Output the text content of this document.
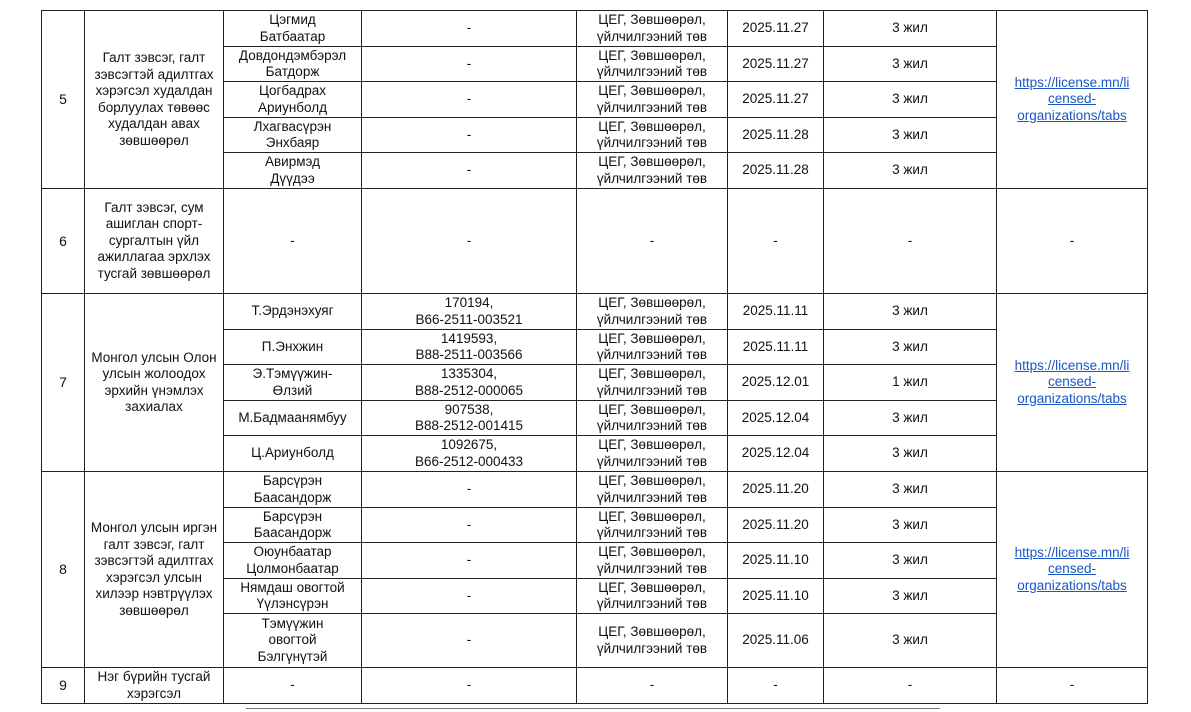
5	Галт зэвсэг, галт зэвсэгтэй адилтгах хэрэгсэл худалдан борлуулах төвөөс худалдан авах зөвшөөрөл	Цэгмид
Батбаатар	-	ЦЕГ, Зөвшөөрөл,
үйлчилгээний төв	2025.11.27	3 жил	https://license.mn/li
censed-
organizations/tabs
		Довдондэмбэрэл
Батдорж	-	ЦЕГ, Зөвшөөрөл,
үйлчилгээний төв	2025.11.27	3 жил	
		Цогбадрах
Ариунболд	-	ЦЕГ, Зөвшөөрөл,
үйлчилгээний төв	2025.11.27	3 жил	
		Лхагвасүрэн
Энхбаяр	-	ЦЕГ, Зөвшөөрөл,
үйлчилгээний төв	2025.11.28	3 жил	
		Авирмэд
Дүүдээ	-	ЦЕГ, Зөвшөөрөл,
үйлчилгээний төв	2025.11.28	3 жил	
6	Галт зэвсэг, сум ашиглан спорт-сургалтын үйл ажиллагаа эрхлэх тусгай зөвшөөрөл	-	-	-	-	-	-
7	Монгол улсын Олон улсын жолоодох эрхийн үнэмлэх захиалах	Т.Эрдэнэхуяг	170194,
B66-2511-003521	ЦЕГ, Зөвшөөрөл,
үйлчилгээний төв	2025.11.11	3 жил	https://license.mn/li
censed-
organizations/tabs
		П.Энхжин	1419593,
B88-2511-003566	ЦЕГ, Зөвшөөрөл,
үйлчилгээний төв	2025.11.11	3 жил	
		Э.Тэмүүжин-
Өлзий	1335304,
B88-2512-000065	ЦЕГ, Зөвшөөрөл,
үйлчилгээний төв	2025.12.01	1 жил	
		М.Бадмаанямбуу	907538,
B88-2512-001415	ЦЕГ, Зөвшөөрөл,
үйлчилгээний төв	2025.12.04	3 жил	
		Ц.Ариунболд	1092675,
B66-2512-000433	ЦЕГ, Зөвшөөрөл,
үйлчилгээний төв	2025.12.04	3 жил	
8	Монгол улсын иргэн галт зэвсэг, галт зэвсэгтэй адилтгах хэрэгсэл улсын хилээр нэвтрүүлэх зөвшөөрөл	Барсүрэн
Баасандорж	-	ЦЕГ, Зөвшөөрөл,
үйлчилгээний төв	2025.11.20	3 жил	https://license.mn/li
censed-
organizations/tabs
		Барсүрэн
Баасандорж	-	ЦЕГ, Зөвшөөрөл,
үйлчилгээний төв	2025.11.20	3 жил	
		Оюунбаатар
Цолмонбаатар	-	ЦЕГ, Зөвшөөрөл,
үйлчилгээний төв	2025.11.10	3 жил	
		Нямдаш овогтой
Үүлэнсүрэн	-	ЦЕГ, Зөвшөөрөл,
үйлчилгээний төв	2025.11.10	3 жил	
		Тэмүүжин
овогтой
Бэлгүнүтэй	-	ЦЕГ, Зөвшөөрөл,
үйлчилгээний төв	2025.11.06	3 жил	
9	Нэг бүрийн тусгай хэрэгсэл	-	-	-	-	-	-
